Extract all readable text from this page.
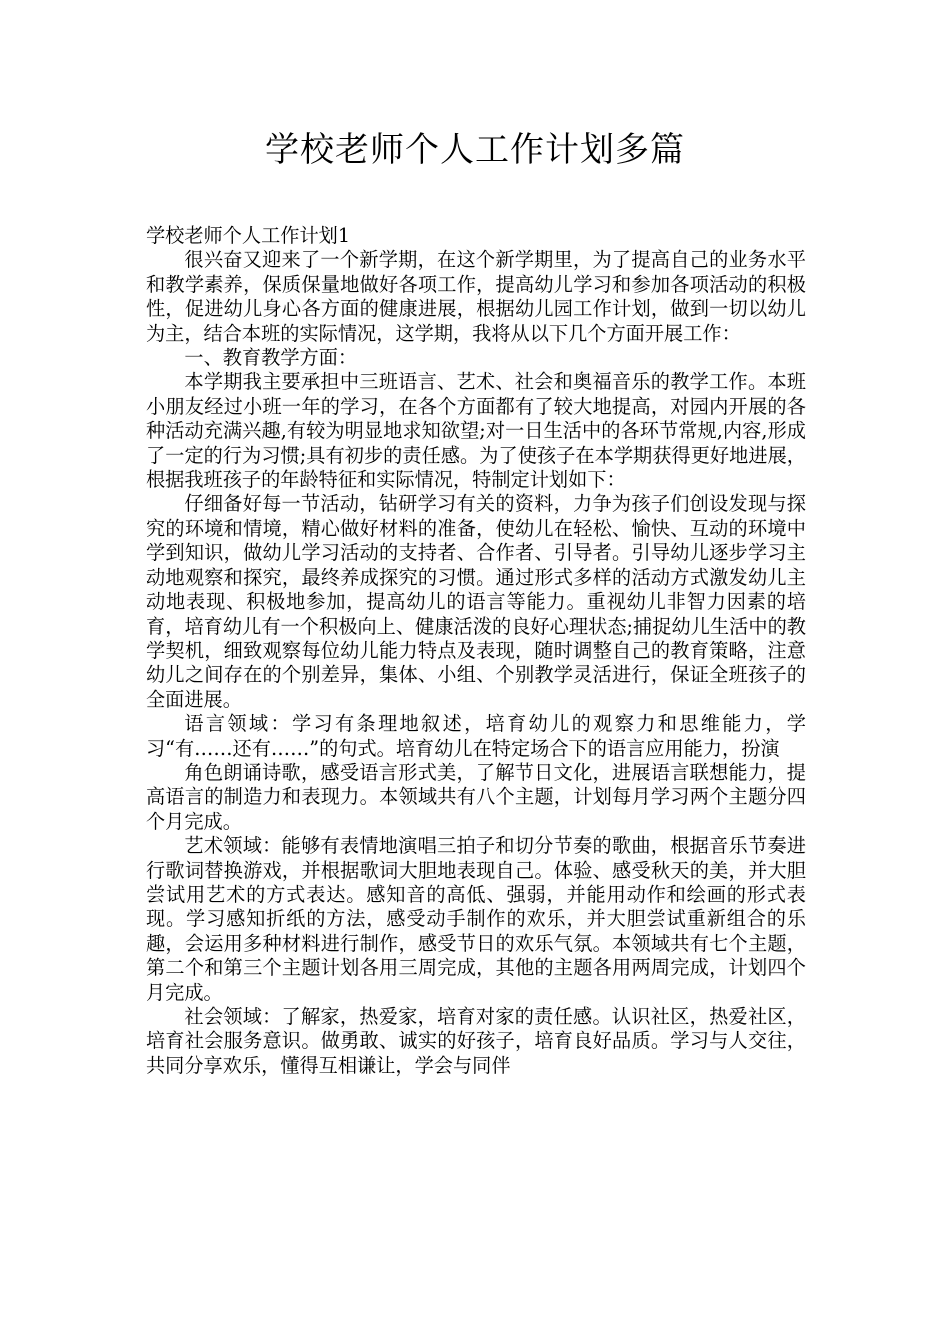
学校老师个人工作计划多篇

学校老师个人工作计划1

很兴奋又迎来了一个新学期，在这个新学期里，为了提高自己的业务水平和教学素养，保质保量地做好各项工作，提高幼儿学习和参加各项活动的积极性，促进幼儿身心各方面的健康进展，根据幼儿园工作计划，做到一切以幼儿为主，结合本班的实际情况，这学期，我将从以下几个方面开展工作：

一、教育教学方面：

本学期我主要承担中三班语言、艺术、社会和奥福音乐的教学工作。本班小朋友经过小班一年的学习，在各个方面都有了较大地提高，对园内开展的各种活动充满兴趣,有较为明显地求知欲望;对一日生活中的各环节常规,内容,形成了一定的行为习惯;具有初步的责任感。为了使孩子在本学期获得更好地进展，根据我班孩子的年龄特征和实际情况，特制定计划如下：

仔细备好每一节活动，钻研学习有关的资料，力争为孩子们创设发现与探究的环境和情境，精心做好材料的准备，使幼儿在轻松、愉快、互动的环境中学到知识，做幼儿学习活动的支持者、合作者、引导者。引导幼儿逐步学习主动地观察和探究，最终养成探究的习惯。通过形式多样的活动方式激发幼儿主动地表现、积极地参加，提高幼儿的语言等能力。重视幼儿非智力因素的培育，培育幼儿有一个积极向上、健康活泼的良好心理状态;捕捉幼儿生活中的教学契机，细致观察每位幼儿能力特点及表现，随时调整自己的教育策略，注意幼儿之间存在的个别差异，集体、小组、个别教学灵活进行，保证全班孩子的全面进展。

语言领域：学习有条理地叙述，培育幼儿的观察力和思维能力，学习“有……还有……”的句式。培育幼儿在特定场合下的语言应用能力，扮演

角色朗诵诗歌，感受语言形式美，了解节日文化，进展语言联想能力，提高语言的制造力和表现力。本领域共有八个主题，计划每月学习两个主题分四个月完成。

艺术领域：能够有表情地演唱三拍子和切分节奏的歌曲，根据音乐节奏进行歌词替换游戏，并根据歌词大胆地表现自己。体验、感受秋天的美，并大胆尝试用艺术的方式表达。感知音的高低、强弱，并能用动作和绘画的形式表现。学习感知折纸的方法，感受动手制作的欢乐，并大胆尝试重新组合的乐趣，会运用多种材料进行制作，感受节日的欢乐气氛。本领域共有七个主题，第二个和第三个主题计划各用三周完成，其他的主题各用两周完成，计划四个月完成。

社会领域：了解家，热爱家，培育对家的责任感。认识社区，热爱社区，培育社会服务意识。做勇敢、诚实的好孩子，培育良好品质。学习与人交往，共同分享欢乐，懂得互相谦让，学会与同伴
